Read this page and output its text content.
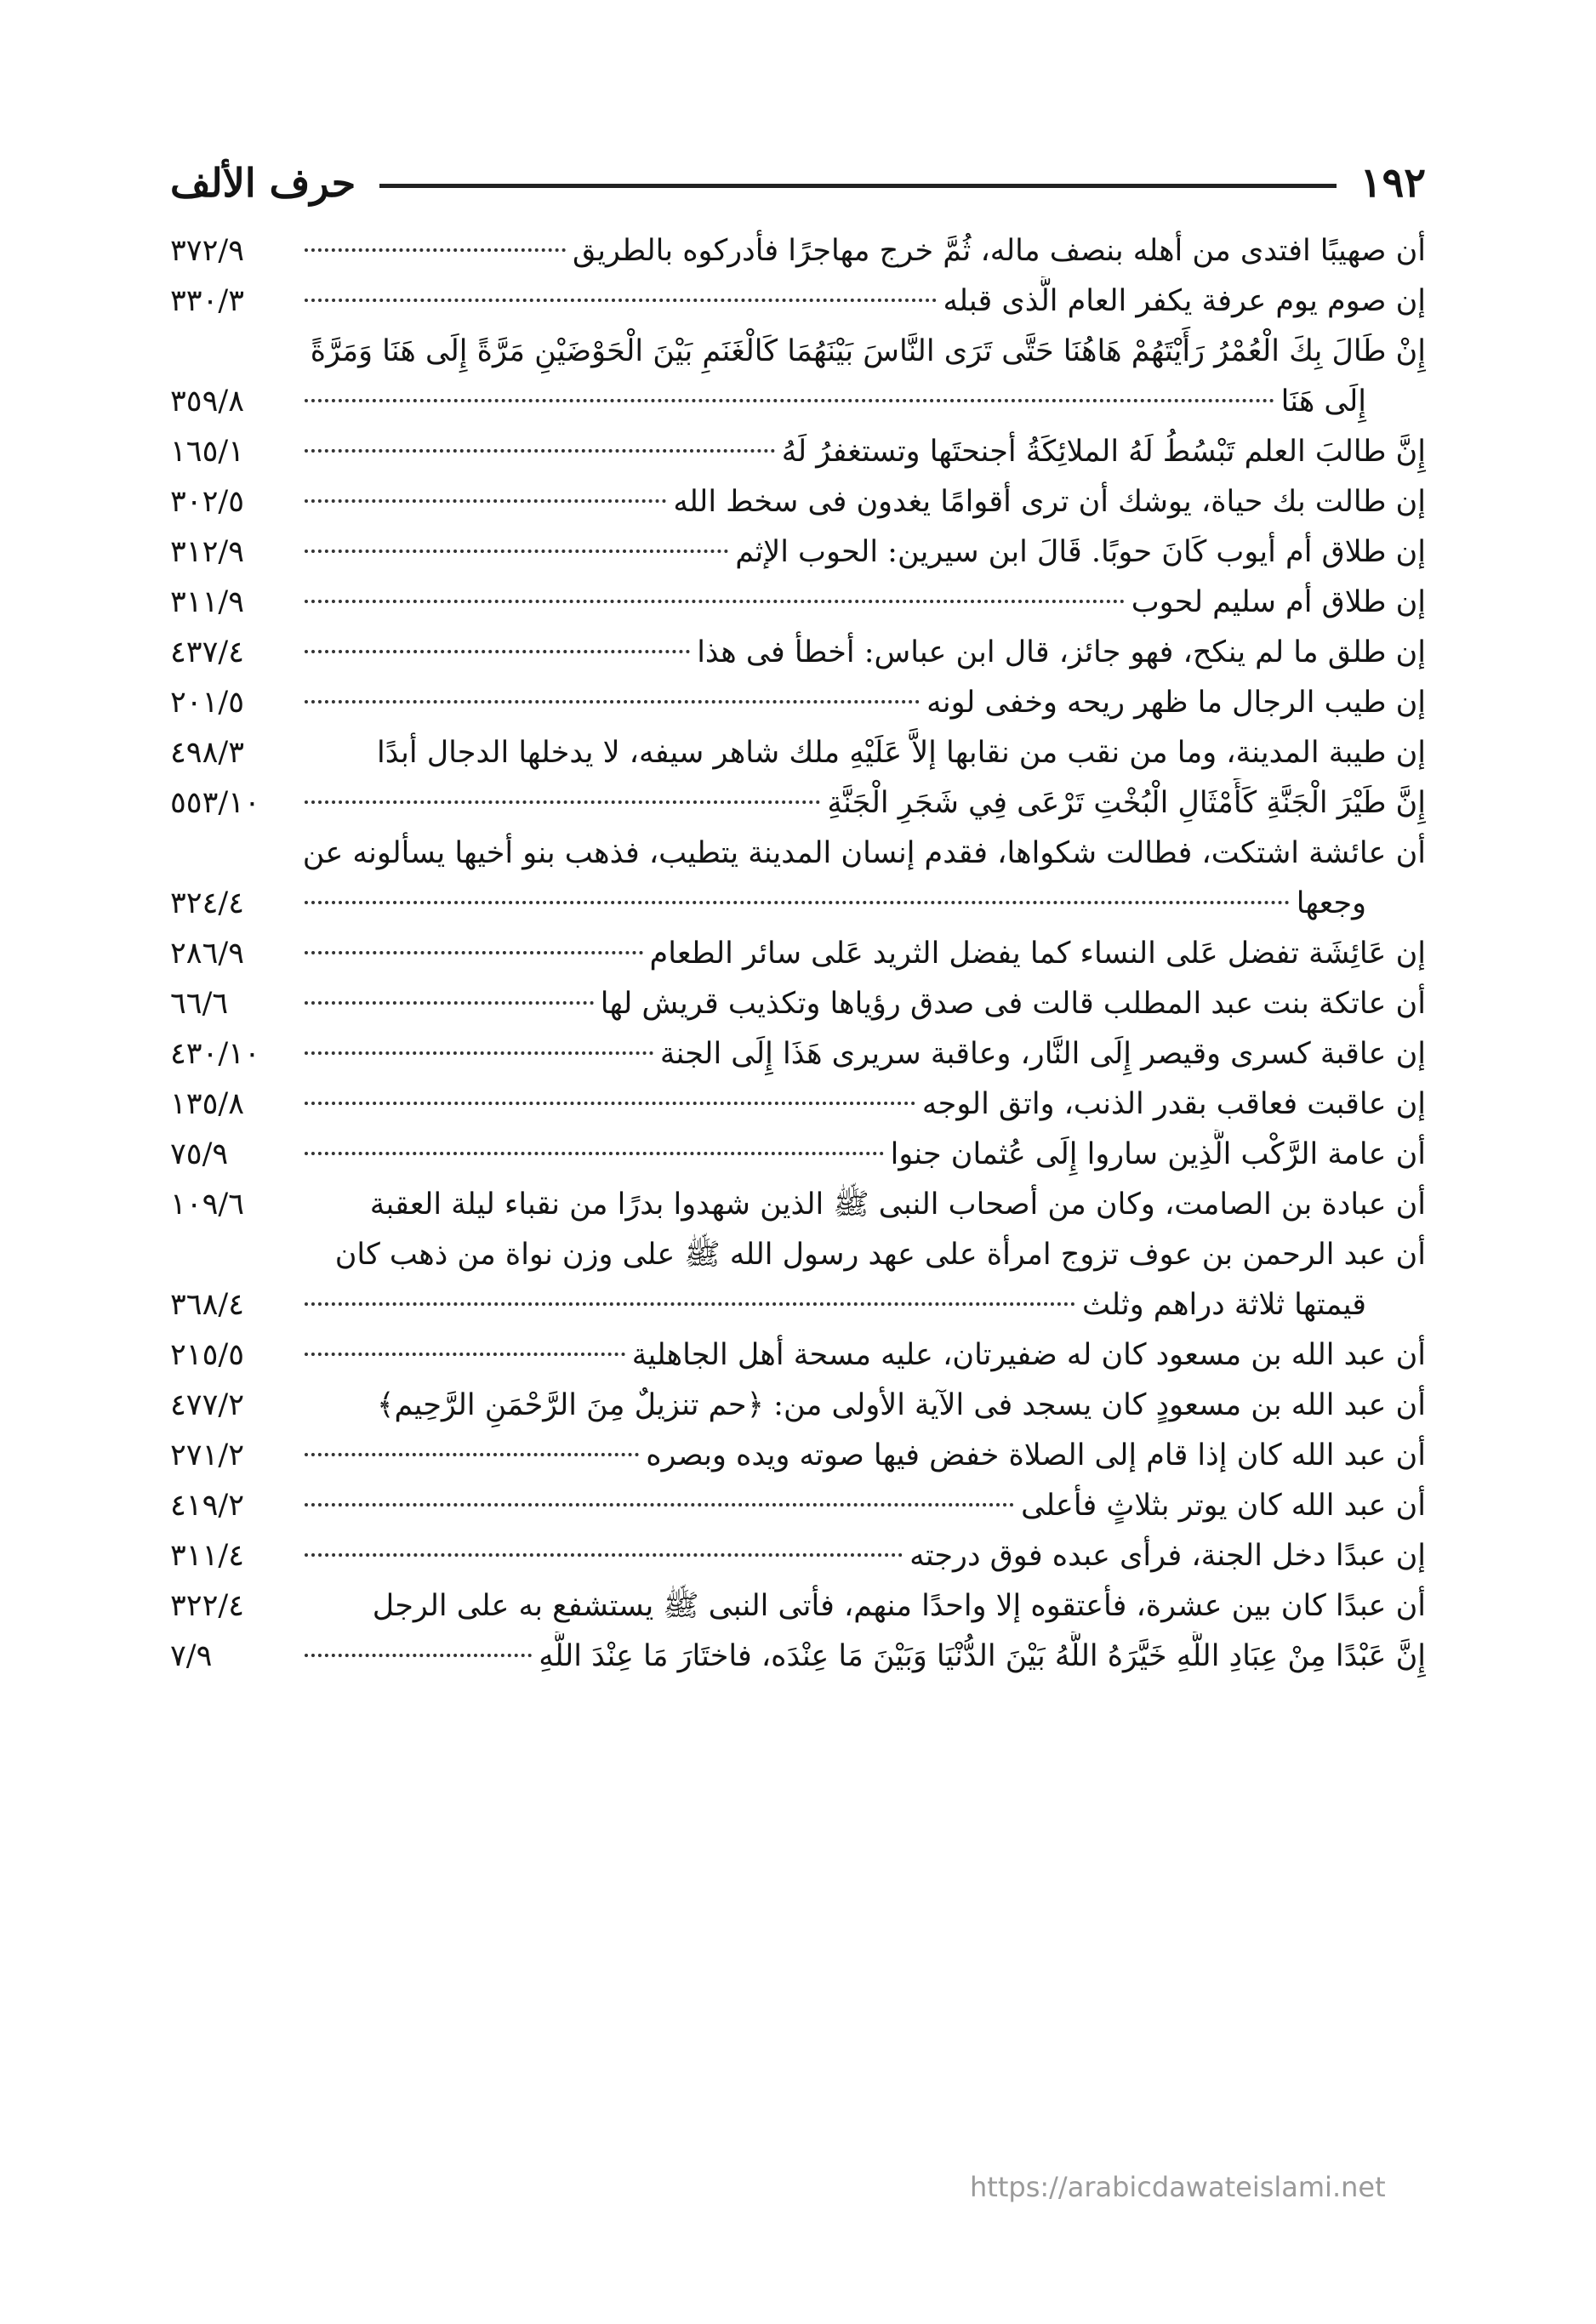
١٩٢
حرف الألف
أن صهيبًا افتدى من أهله بنصف ماله، ثُمَّ خرج مهاجرًا فأدركوه بالطريق
٣٧٢/٩
إن صوم يوم عرفة يكفر العام الَّذى قبله
٣٣٠/٣
إِنْ طَالَ بِكَ الْعُمْرُ رَأَيْتَهُمْ هَاهُنَا حَتَّى تَرَى النَّاسَ بَيْنَهُمَا كَالْغَنَمِ بَيْنَ الْحَوْضَيْنِ مَرَّةً إِلَى هَنَا وَمَرَّةً
إِلَى هَنَا
٣٥٩/٨
إِنَّ طالبَ العلم تَبْسُطُ لَهُ الملائِكَةُ أجنحتَها وتستغفرُ لَهُ
١٦٥/١
إن طالت بك حياة، يوشك أن ترى أقوامًا يغدون فى سخط الله
٣٠٢/٥
إن طلاق أم أيوب كَانَ حوبًا. قَالَ ابن سيرين: الحوب الإثم
٣١٢/٩
إن طلاق أم سليم لحوب
٣١١/٩
إن طلق ما لم ينكح، فهو جائز، قال ابن عباس: أخطأ فى هذا
٤٣٧/٤
إن طيب الرجال ما ظهر ريحه وخفى لونه
٢٠١/٥
إن طيبة المدينة، وما من نقب من نقابها إلاَّ عَلَيْهِ ملك شاهر سيفه، لا يدخلها الدجال أبدًا
٤٩٨/٣
إِنَّ طَيْرَ الْجَنَّةِ كَأَمْثَالِ الْبُخْتِ تَرْعَى فِي شَجَرِ الْجَنَّةِ
٥٥٣/١٠
أن عائشة اشتكت، فطالت شكواها، فقدم إنسان المدينة يتطيب، فذهب بنو أخيها يسألونه عن
وجعها
٣٢٤/٤
إن عَائِشَة تفضل عَلى النساء كما يفضل الثريد عَلى سائر الطعام
٢٨٦/٩
أن عاتكة بنت عبد المطلب قالت فى صدق رؤياها وتكذيب قريش لها
٦٦/٦
إن عاقبة كسرى وقيصر إِلَى النَّار، وعاقبة سريرى هَذَا إِلَى الجنة
٤٣٠/١٠
إن عاقبت فعاقب بقدر الذنب، واتق الوجه
١٣٥/٨
أن عامة الرَّكْب الَّذِين ساروا إِلَى عُثمان جنوا
٧٥/٩
أن عبادة بن الصامت، وكان من أصحاب النبى ﷺ الذين شهدوا بدرًا من نقباء ليلة العقبة
١٠٩/٦
أن عبد الرحمن بن عوف تزوج امرأة على عهد رسول الله ﷺ على وزن نواة من ذهب كان
قيمتها ثلاثة دراهم وثلث
٣٦٨/٤
أن عبد الله بن مسعود كان له ضفيرتان، عليه مسحة أهل الجاهلية
٢١٥/٥
أن عبد الله بن مسعودٍ كان يسجد فى الآية الأولى من: ﴿حم تنزيلٌ مِنَ الرَّحْمَنِ الرَّحِيم﴾
٤٧٧/٢
أن عبد الله كان إذا قام إلى الصلاة خفض فيها صوته ويده وبصره
٢٧١/٢
أن عبد الله كان يوتر بثلاثٍ فأعلى
٤١٩/٢
إن عبدًا دخل الجنة، فرأى عبده فوق درجته
٣١١/٤
أن عبدًا كان بين عشرة، فأعتقوه إلا واحدًا منهم، فأتى النبى ﷺ يستشفع به على الرجل
٣٢٢/٤
إِنَّ عَبْدًا مِنْ عِبَادِ اللَّهِ خَيَّرَهُ اللَّهُ بَيْنَ الدُّنْيَا وَبَيْنَ مَا عِنْدَه، فاختَارَ مَا عِنْدَ اللَّهِ
٧/٩
https://arabicdawateislami.net
